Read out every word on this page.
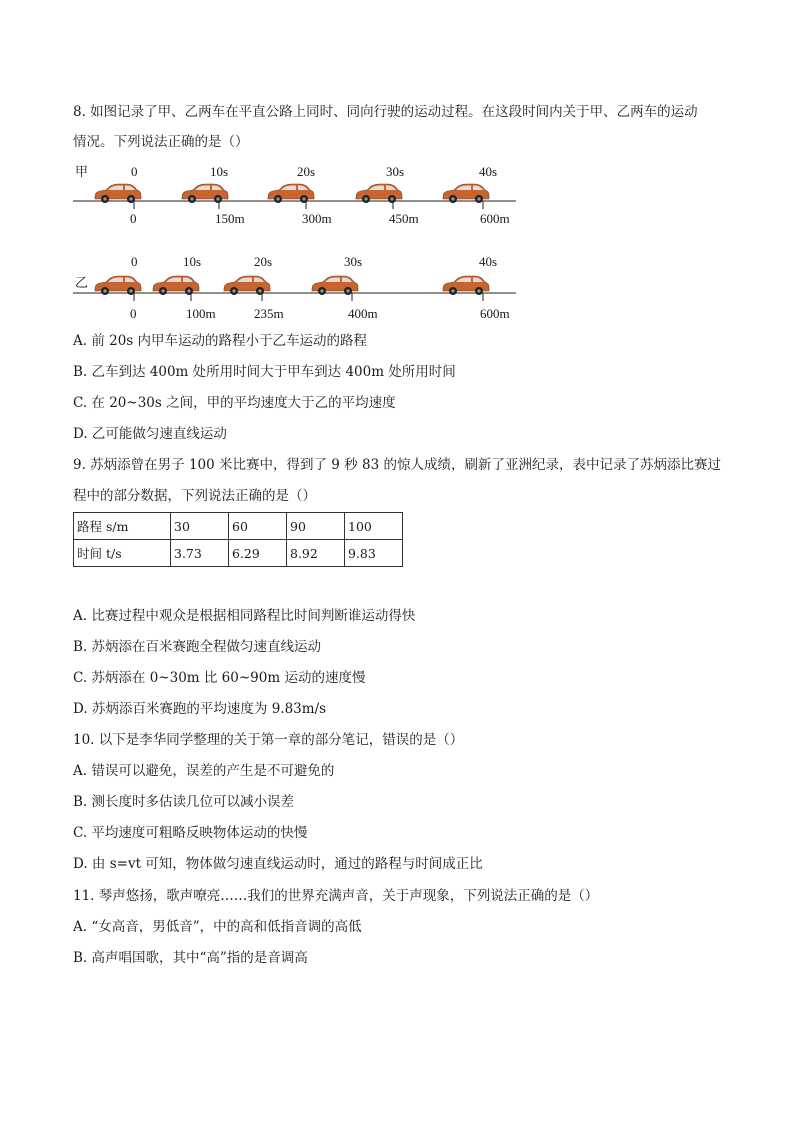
8. 如图记录了甲、乙两车在平直公路上同时、同向行驶的运动过程。在这段时间内关于甲、乙两车的运动
情况。下列说法正确的是（）
甲	0	10s	20s	30s	40s
0	150m	300m	450m	600m
乙
0	10s	20s	30s	40s
0	100m	235m	400m	600m
A. 前 20s 内甲车运动的路程小于乙车运动的路程
B. 乙车到达 400m 处所用时间大于甲车到达 400m 处所用时间
C. 在 20~30s 之间，甲的平均速度大于乙的平均速度
D. 乙可能做匀速直线运动
9. 苏炳添曾在男子 100 米比赛中，得到了 9 秒 83 的惊人成绩，刷新了亚洲纪录，表中记录了苏炳添比赛过
程中的部分数据，下列说法正确的是（）
路程 s/m	30	60	90	100
时间 t/s	3.73	6.29	8.92	9.83
A. 比赛过程中观众是根据相同路程比时间判断谁运动得快
B. 苏炳添在百米赛跑全程做匀速直线运动
C. 苏炳添在 0~30m 比 60~90m 运动的速度慢
D. 苏炳添百米赛跑的平均速度为 9.83m/s
10. 以下是李华同学整理的关于第一章的部分笔记，错误的是（）
A. 错误可以避免，误差的产生是不可避免的
B. 测长度时多估读几位可以减小误差
C. 平均速度可粗略反映物体运动的快慢
D. 由 s=vt 可知，物体做匀速直线运动时，通过的路程与时间成正比
11. 琴声悠扬，歌声嘹亮……我们的世界充满声音，关于声现象，下列说法正确的是（）
A. “女高音，男低音”，中的高和低指音调的高低
B. 高声唱国歌，其中“高”指的是音调高
